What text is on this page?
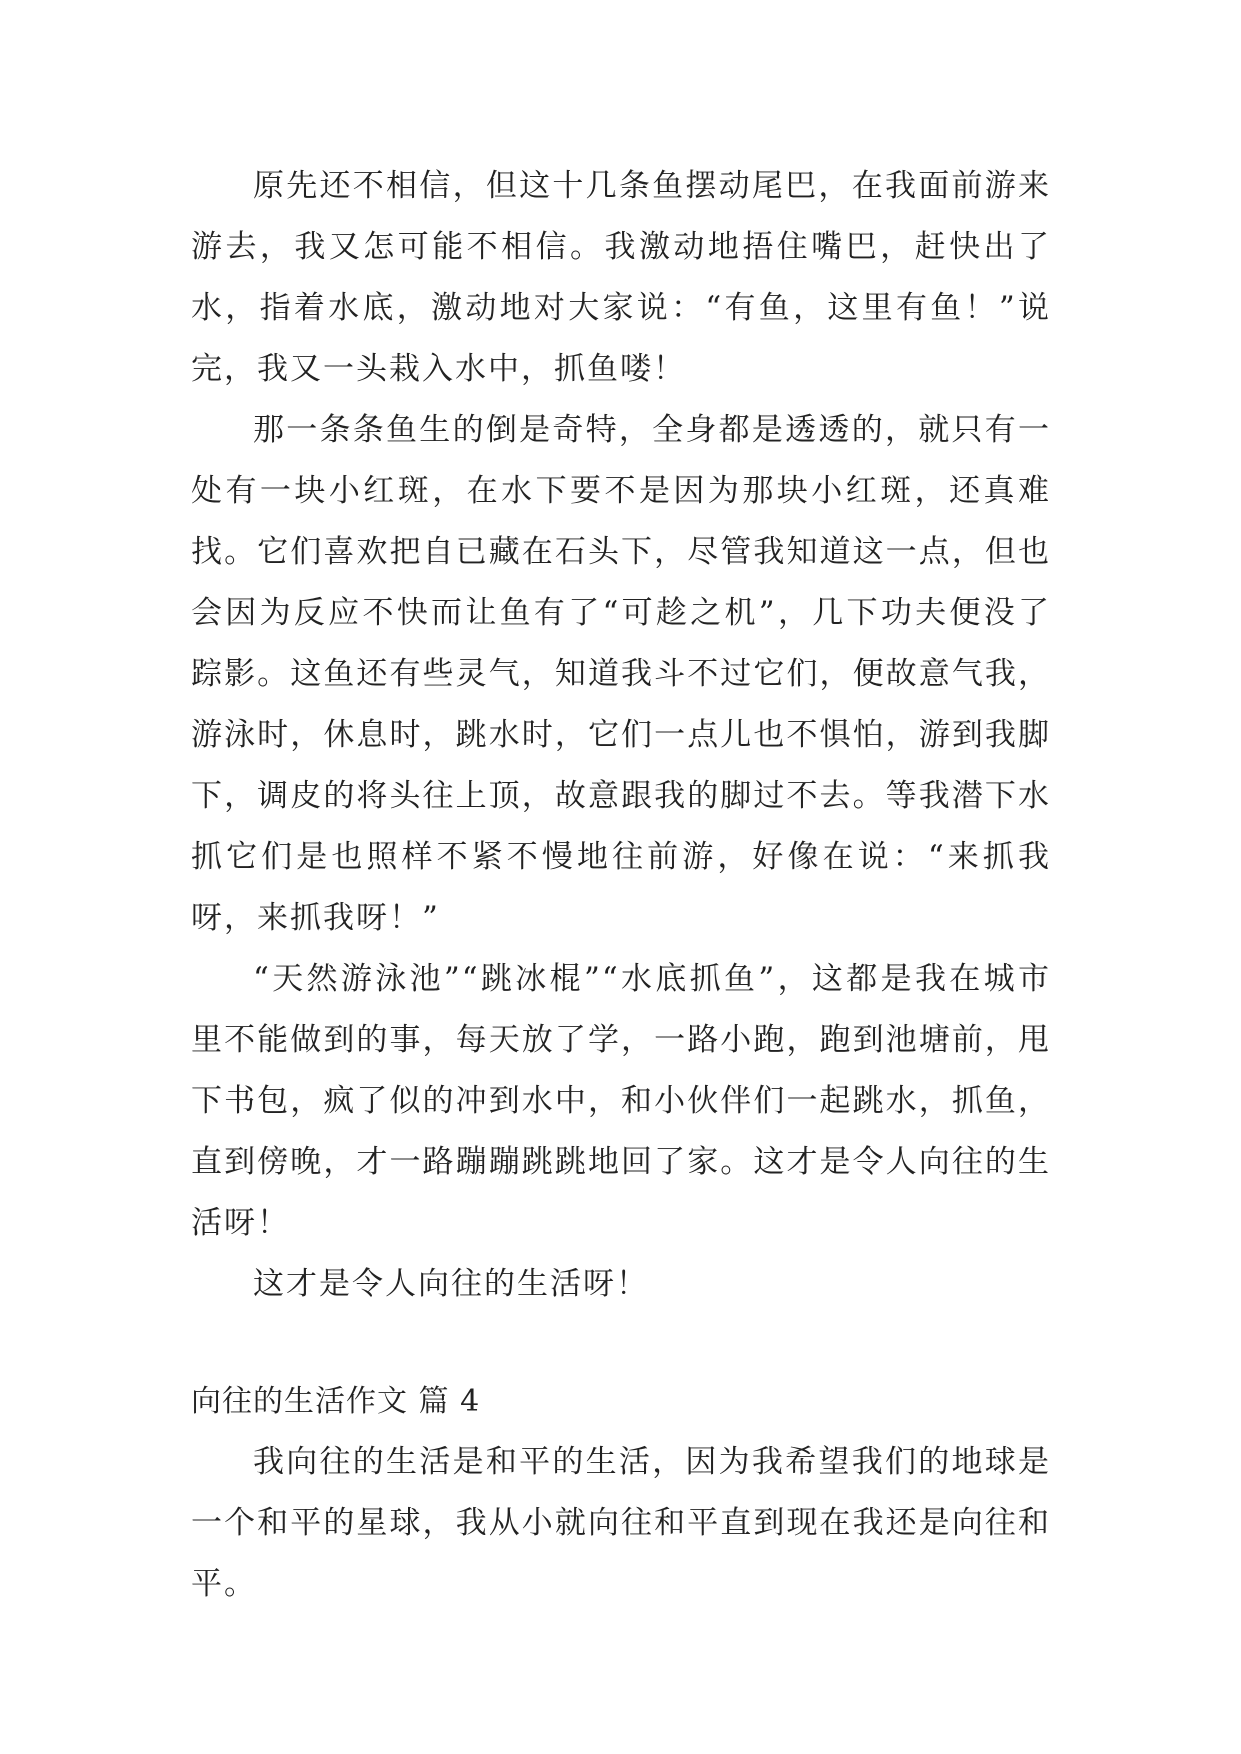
原先还不相信，但这十几条鱼摆动尾巴，在我面前游来游去，我又怎可能不相信。我激动地捂住嘴巴，赶快出了水，指着水底，激动地对大家说：“有鱼，这里有鱼！”说完，我又一头栽入水中，抓鱼喽！

那一条条鱼生的倒是奇特，全身都是透透的，就只有一处有一块小红斑，在水下要不是因为那块小红斑，还真难找。它们喜欢把自已藏在石头下，尽管我知道这一点，但也会因为反应不快而让鱼有了“可趁之机”，几下功夫便没了踪影。这鱼还有些灵气，知道我斗不过它们，便故意气我，游泳时，休息时，跳水时，它们一点儿也不惧怕，游到我脚下，调皮的将头往上顶，故意跟我的脚过不去。等我潜下水抓它们是也照样不紧不慢地往前游，好像在说：“来抓我呀，来抓我呀！”

“天然游泳池”“跳冰棍”“水底抓鱼”，这都是我在城市里不能做到的事，每天放了学，一路小跑，跑到池塘前，甩下书包，疯了似的冲到水中，和小伙伴们一起跳水，抓鱼，直到傍晚，才一路蹦蹦跳跳地回了家。这才是令人向往的生活呀！

这才是令人向往的生活呀！

向往的生活作文 篇 4

我向往的生活是和平的生活，因为我希望我们的地球是一个和平的星球，我从小就向往和平直到现在我还是向往和平。
